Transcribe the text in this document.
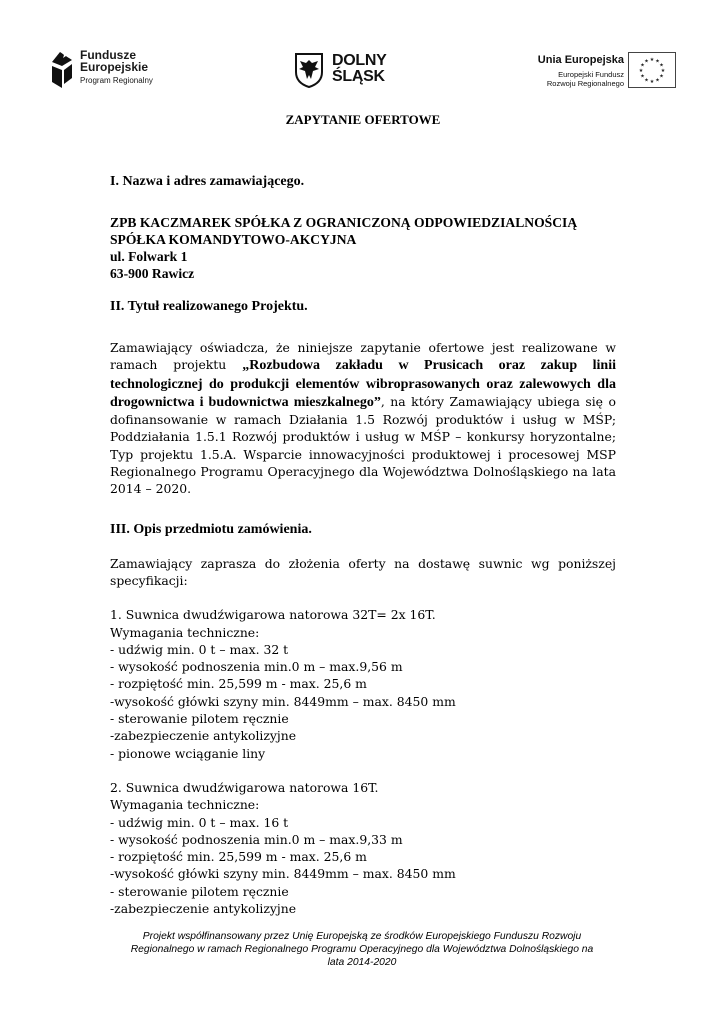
Fundusze
Europejskie
Program Regionalny
DOLNY
ŚLĄSK
Unia Europejska
Europejski Fundusz
Rozwoju Regionalnego
★ ★
★
★
★
★
★
★
★
★
★
★

ZAPYTANIE OFERTOWE

I. Nazwa i adres zamawiającego.

ZPB KACZMAREK SPÓŁKA Z OGRANICZONĄ ODPOWIEDZIALNOŚCIĄ
SPÓŁKA KOMANDYTOWO-AKCYJNA
ul. Folwark 1
63-900 Rawicz

II. Tytuł realizowanego Projektu.

Zamawiający oświadcza, że niniejsze zapytanie ofertowe jest realizowane w ramach projektu „Rozbudowa zakładu w Prusicach oraz zakup linii technologicznej do produkcji elementów wibroprasowanych oraz zalewowych dla drogownictwa i budownictwa mieszkalnego”, na który Zamawiający ubiega się o dofinansowanie w ramach Działania 1.5 Rozwój produktów i usług w MŚP; Poddziałania 1.5.1 Rozwój produktów i usług w MŚP – konkursy horyzontalne; Typ projektu 1.5.A. Wsparcie innowacyjności produktowej i procesowej MSP Regionalnego Programu Operacyjnego dla Województwa Dolnośląskiego na lata 2014 – 2020.

III. Opis przedmiotu zamówienia.

Zamawiający zaprasza do złożenia oferty na dostawę suwnic wg poniższej specyfikacji:

1. Suwnica dwudźwigarowa natorowa 32T= 2x 16T.

Wymagania techniczne:

- udźwig min. 0 t – max. 32 t
- wysokość podnoszenia min.0 m – max.9,56 m
- rozpiętość min. 25,599 m - max. 25,6 m
-wysokość główki szyny min. 8449mm – max. 8450 mm
- sterowanie pilotem ręcznie
-zabezpieczenie antykolizyjne
- pionowe wciąganie liny

2. Suwnica dwudźwigarowa natorowa 16T.

Wymagania techniczne:

- udźwig min. 0 t – max. 16 t
- wysokość podnoszenia min.0 m – max.9,33 m
- rozpiętość min. 25,599 m - max. 25,6 m
-wysokość główki szyny min. 8449mm – max. 8450 mm
- sterowanie pilotem ręcznie
-zabezpieczenie antykolizyjne
Projekt współfinansowany przez Unię Europejską ze środków Europejskiego Funduszu Rozwoju
Regionalnego w ramach Regionalnego Programu Operacyjnego dla Województwa Dolnośląskiego na
lata 2014-2020
